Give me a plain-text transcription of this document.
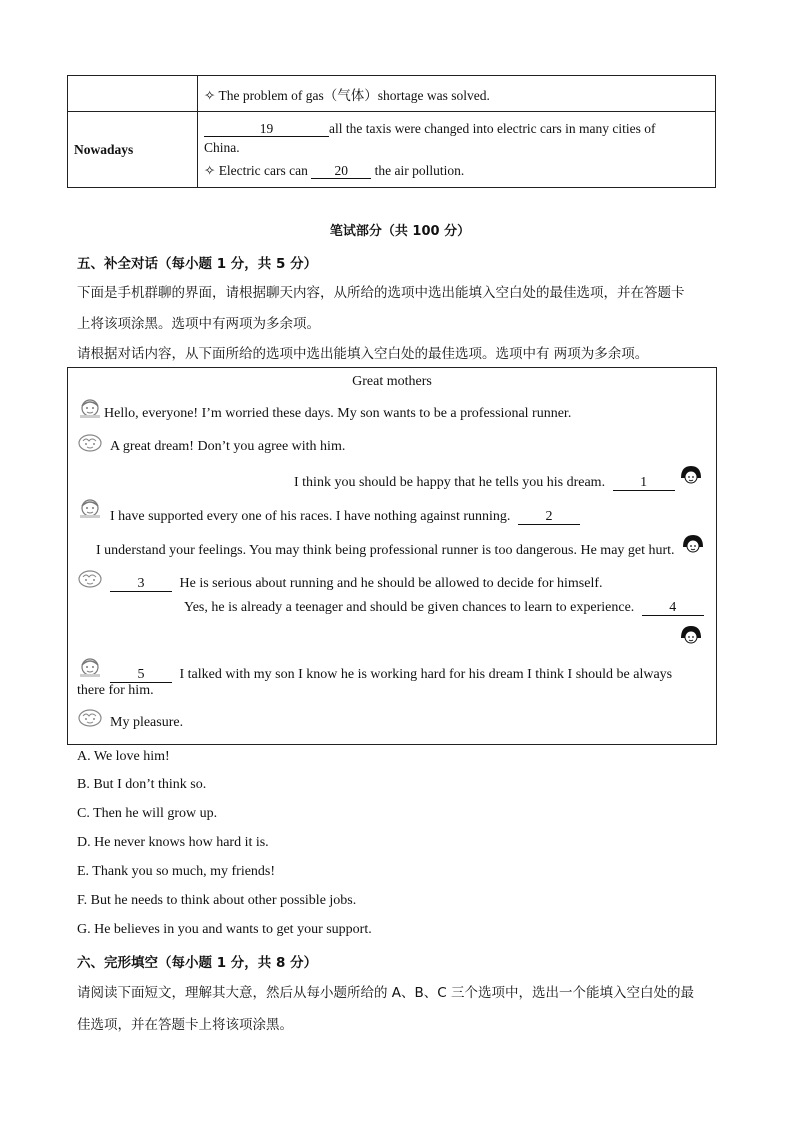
	✧ The problem of gas（气体）shortage was solved.
Nowadays	19 all the taxis were changed into electric cars in many cities of
China.
✧ Electric cars can 20 the air pollution.
笔试部分（共 100 分）
五、补全对话（每小题 1 分，共 5 分）
下面是手机群聊的界面，请根据聊天内容，从所给的选项中选出能填入空白处的最佳选项，并在答题卡
上将该项涂黑。选项中有两项为多余项。
请根据对话内容，从下面所给的选项中选出能填入空白处的最佳选项。选项中有 两项为多余项。
Great mothers
Hello, everyone! I’m worried these days. My son wants to be a professional runner.
A great dream! Don’t you agree with him.
I think you should be happy that he tells you his dream.	1
I have supported every one of his races. I have nothing against running.	2
I understand your feelings. You may think being professional runner is too dangerous. He may get hurt.
3	He is serious about running and he should be allowed to decide for himself.
Yes, he is already a teenager and should be given chances to learn to experience.	4
5	I talked with my son I know he is working hard for his dream I think I should be always
there for him.
My pleasure.
A. We love him!
B. But I don’t think so.
C. Then he will grow up.
D. He never knows how hard it is.
E. Thank you so much, my friends!
F. But he needs to think about other possible jobs.
G. He believes in you and wants to get your support.
六、完形填空（每小题 1 分，共 8 分）
请阅读下面短文，理解其大意，然后从每小题所给的 A、B、C 三个选项中，选出一个能填入空白处的最
佳选项，并在答题卡上将该项涂黑。
